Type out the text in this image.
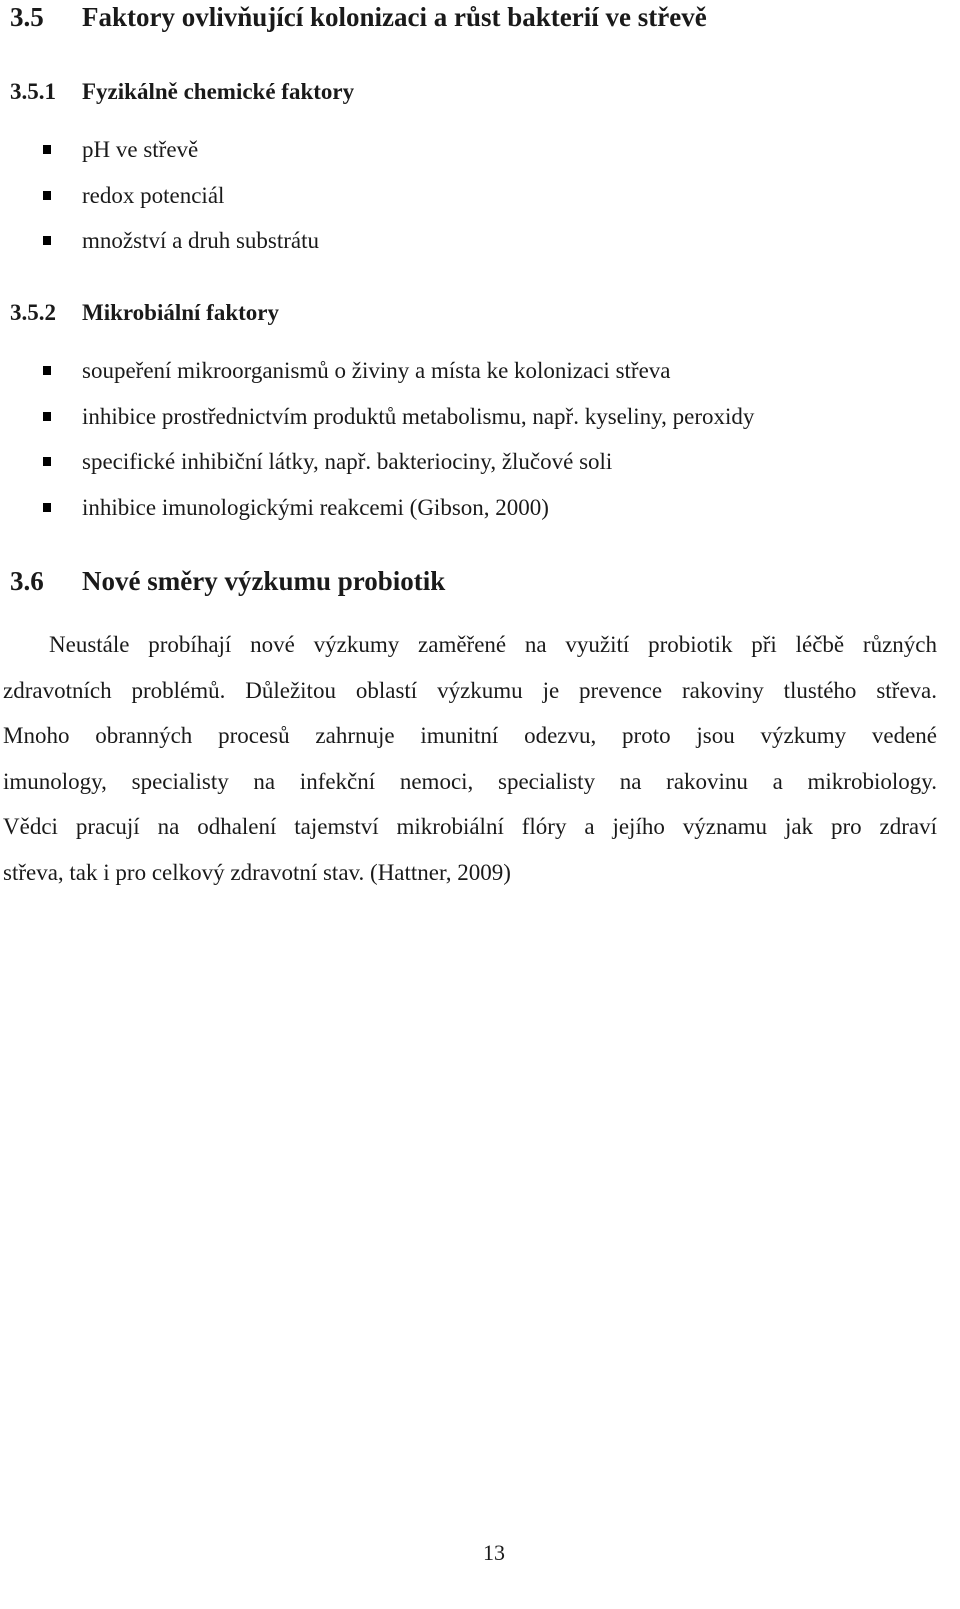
3.5 Faktory ovlivňující kolonizaci a růst bakterií ve střevě
3.5.1 Fyzikálně chemické faktory
pH ve střevě
redox potenciál
množství a druh substrátu
3.5.2 Mikrobiální faktory
soupeření mikroorganismů o živiny a místa ke kolonizaci střeva
inhibice prostřednictvím produktů metabolismu, např. kyseliny, peroxidy
specifické inhibiční látky, např. bakteriociny, žlučové soli
inhibice imunologickými reakcemi (Gibson, 2000)
3.6 Nové směry výzkumu probiotik
Neustále probíhají nové výzkumy zaměřené na využití probiotik při léčbě různých
zdravotních problémů. Důležitou oblastí výzkumu je prevence rakoviny tlustého střeva.
Mnoho obranných procesů zahrnuje imunitní odezvu, proto jsou výzkumy vedené
imunology, specialisty na infekční nemoci, specialisty na rakovinu a mikrobiology.
Vědci pracují na odhalení tajemství mikrobiální flóry a jejího významu jak pro zdraví
střeva, tak i pro celkový zdravotní stav. (Hattner, 2009)
13
